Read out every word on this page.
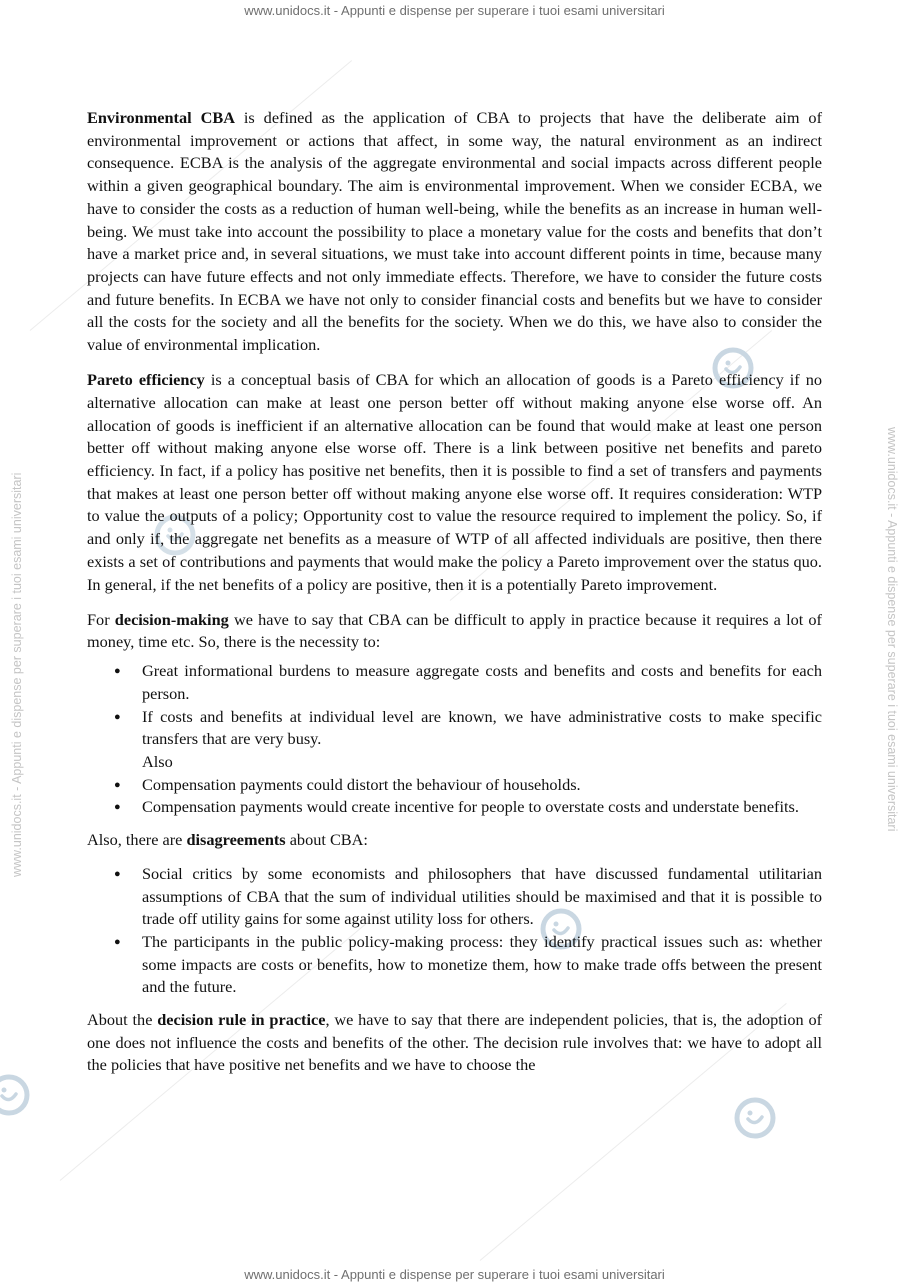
www.unidocs.it - Appunti e dispense per superare i tuoi esami universitari
www.unidocs.it - Appunti e dispense per superare i tuoi esami universitari	www.unidocs.it - Appunti e dispense per superare i tuoi esami universitari

Environmental CBA is defined as the application of CBA to projects that have the deliberate aim of environmental improvement or actions that affect, in some way, the natural environment as an indirect consequence. ECBA is the analysis of the aggregate environmental and social impacts across different people within a given geographical boundary. The aim is environmental improvement. When we consider ECBA, we have to consider the costs as a reduction of human well-being, while the benefits as an increase in human well-being. We must take into account the possibility to place a monetary value for the costs and benefits that don’t have a market price and, in several situations, we must take into account different points in time, because many projects can have future effects and not only immediate effects. Therefore, we have to consider the future costs and future benefits. In ECBA we have not only to consider financial costs and benefits but we have to consider all the costs for the society and all the benefits for the society. When we do this, we have also to consider the value of environmental implication.

Pareto efficiency is a conceptual basis of CBA for which an allocation of goods is a Pareto efficiency if no alternative allocation can make at least one person better off without making anyone else worse off. An allocation of goods is inefficient if an alternative allocation can be found that would make at least one person better off without making anyone else worse off. There is a link between positive net benefits and pareto efficiency. In fact, if a policy has positive net benefits, then it is possible to find a set of transfers and payments that makes at least one person better off without making anyone else worse off. It requires consideration: WTP to value the outputs of a policy; Opportunity cost to value the resource required to implement the policy. So, if and only if, the aggregate net benefits as a measure of WTP of all affected individuals are positive, then there exists a set of contributions and payments that would make the policy a Pareto improvement over the status quo. In general, if the net benefits of a policy are positive, then it is a potentially Pareto improvement.

For decision-making we have to say that CBA can be difficult to apply in practice because it requires a lot of money, time etc. So, there is the necessity to:

● Great informational burdens to measure aggregate costs and benefits and costs and benefits for each person.
● If costs and benefits at individual level are known, we have administrative costs to make specific transfers that are very busy.
Also
● Compensation payments could distort the behaviour of households.
● Compensation payments would create incentive for people to overstate costs and understate benefits.

Also, there are disagreements about CBA:

● Social critics by some economists and philosophers that have discussed fundamental utilitarian assumptions of CBA that the sum of individual utilities should be maximised and that it is possible to trade off utility gains for some against utility loss for others.
● The participants in the public policy-making process: they identify practical issues such as: whether some impacts are costs or benefits, how to monetize them, how to make trade offs between the present and the future.

About the decision rule in practice, we have to say that there are independent policies, that is, the adoption of one does not influence the costs and benefits of the other. The decision rule involves that: we have to adopt all the policies that have positive net benefits and we have to choose the

www.unidocs.it - Appunti e dispense per superare i tuoi esami universitari
